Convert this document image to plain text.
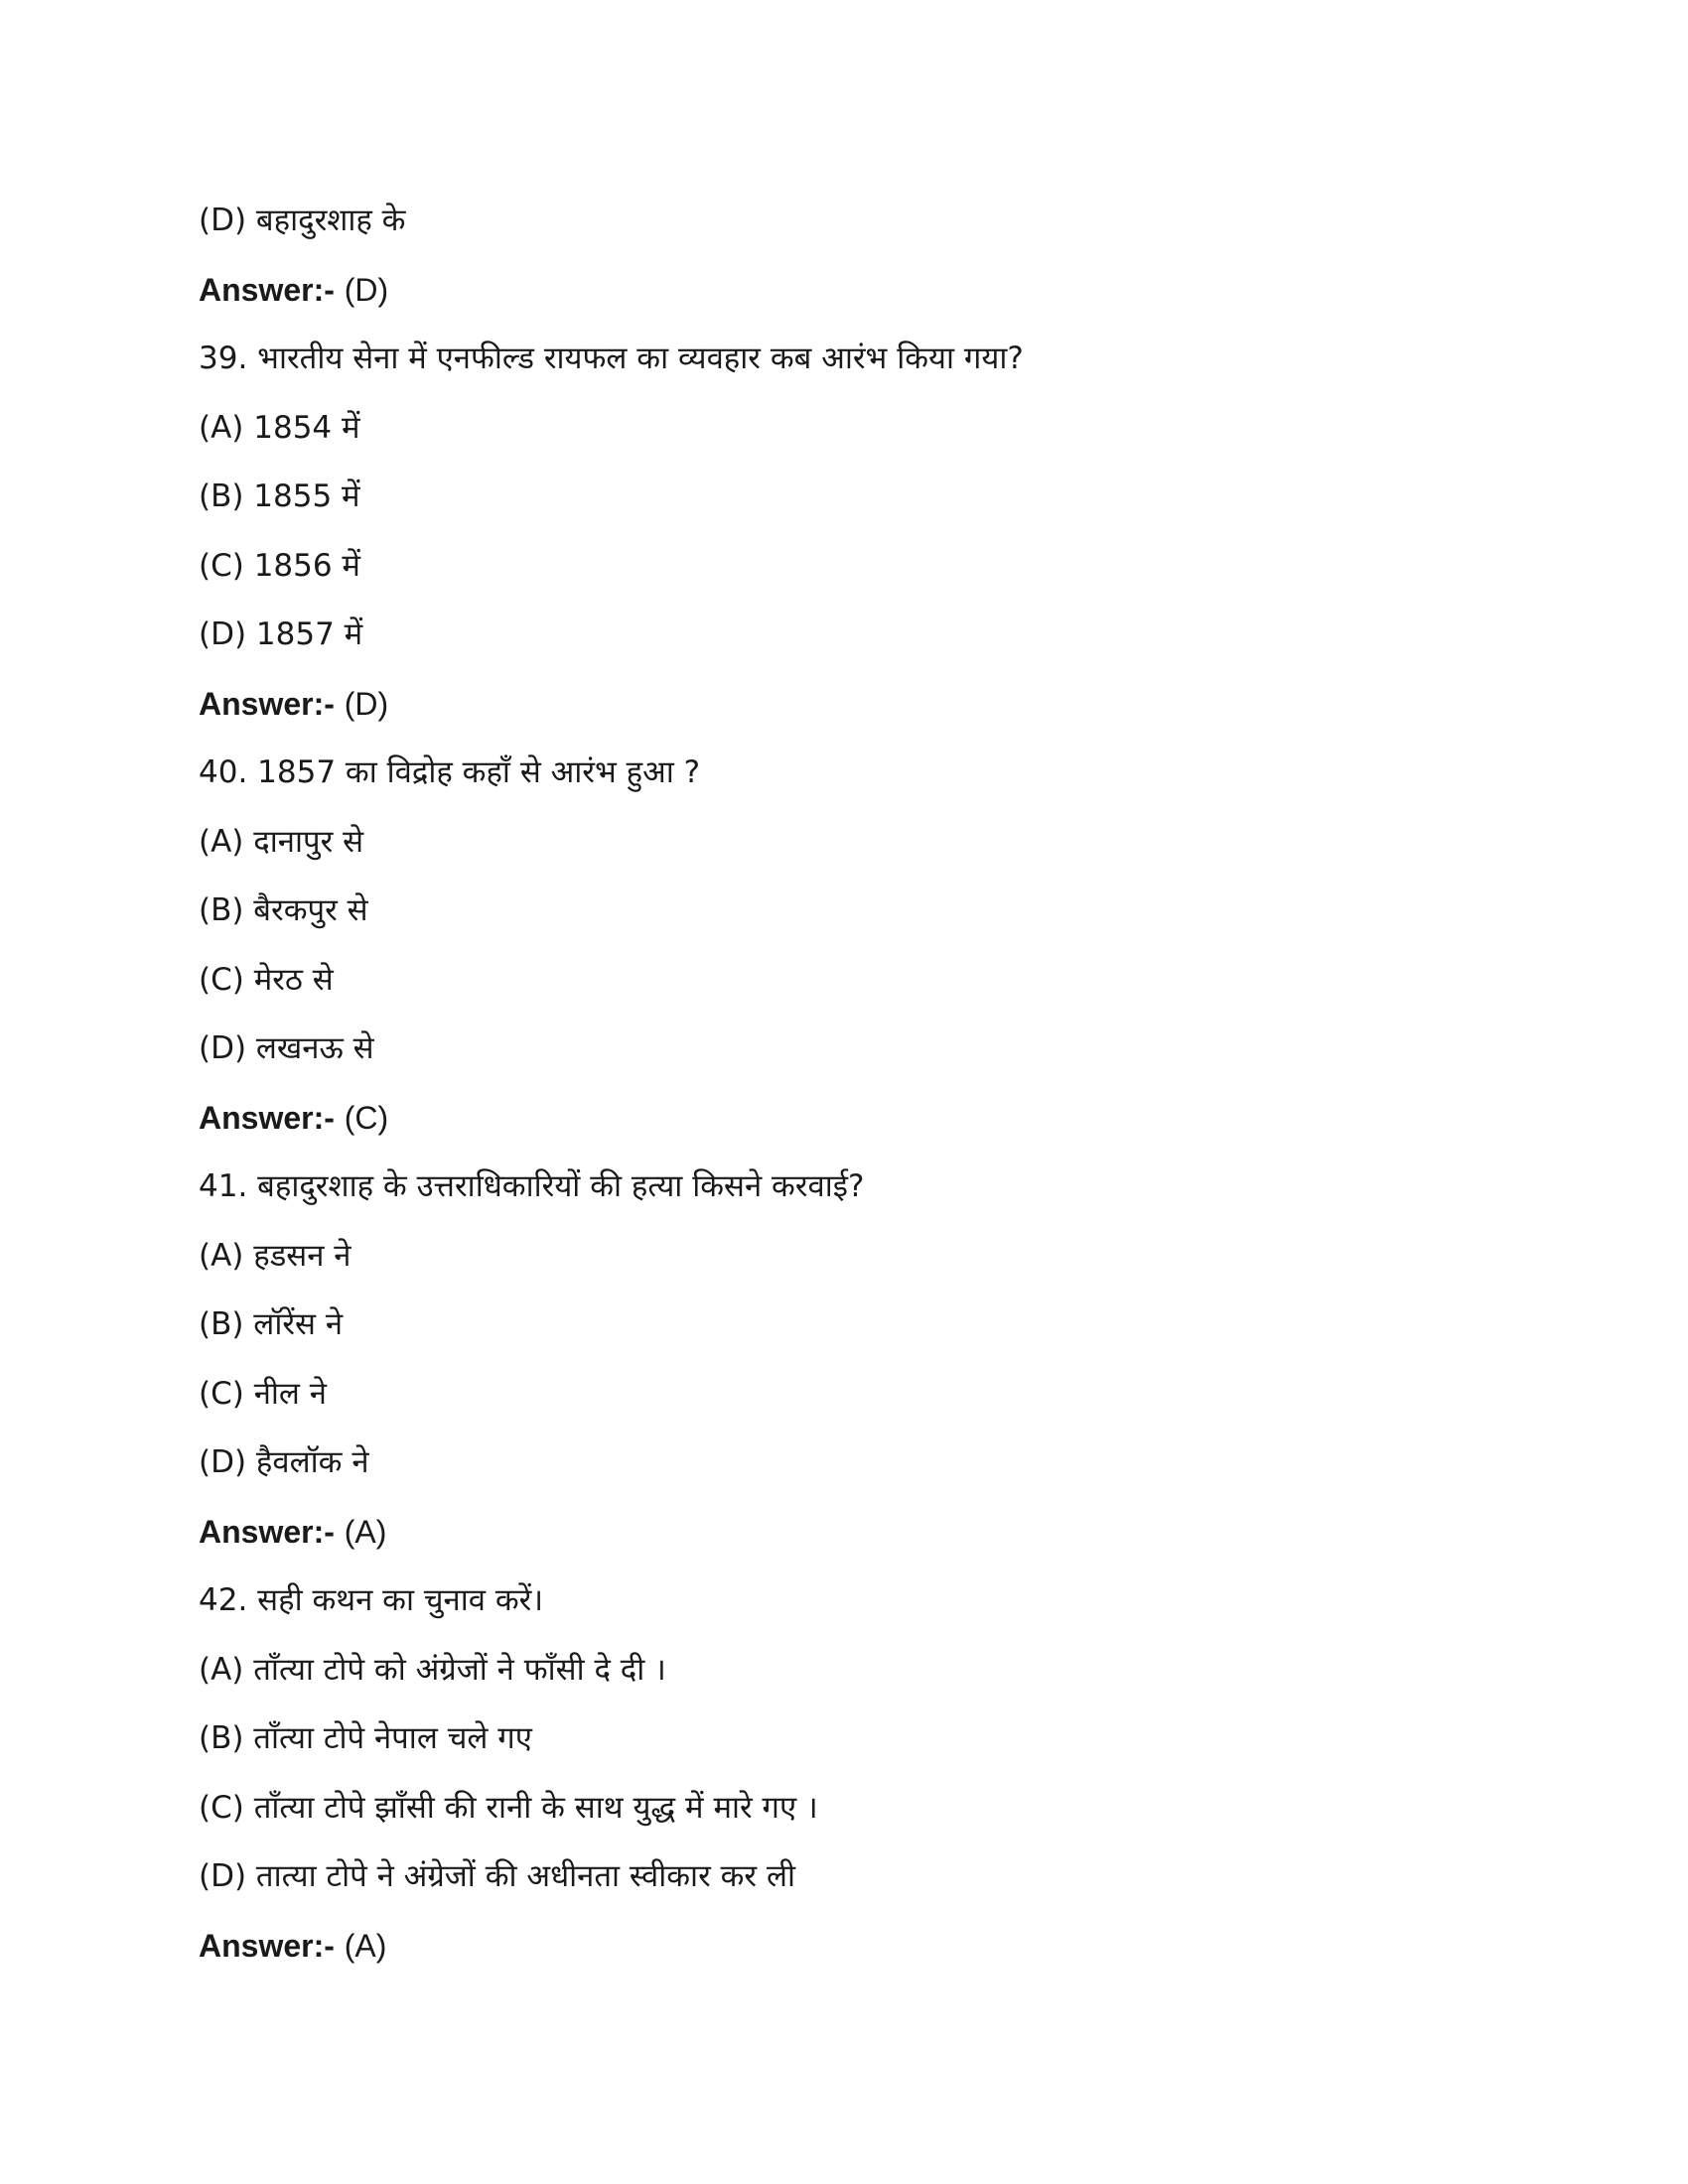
(D) बहादुरशाह के
Answer:- (D)
39. भारतीय सेना में एनफील्ड रायफल का व्यवहार कब आरंभ किया गया?
(A) 1854 में
(B) 1855 में
(C) 1856 में
(D) 1857 में
Answer:- (D)
40. 1857 का विद्रोह कहाँ से आरंभ हुआ ?
(A) दानापुर से
(B) बैरकपुर से
(C) मेरठ से
(D) लखनऊ से
Answer:- (C)
41. बहादुरशाह के उत्तराधिकारियों की हत्या किसने करवाई?
(A) हडसन ने
(B) लॉरेंस ने
(C) नील ने
(D) हैवलॉक ने
Answer:- (A)
42. सही कथन का चुनाव करें।
(A) ताँत्या टोपे को अंग्रेजों ने फाँसी दे दी ।
(B) ताँत्या टोपे नेपाल चले गए
(C) ताँत्या टोपे झाँसी की रानी के साथ युद्ध में मारे गए ।
(D) तात्या टोपे ने अंग्रेजों की अधीनता स्वीकार कर ली
Answer:- (A)
